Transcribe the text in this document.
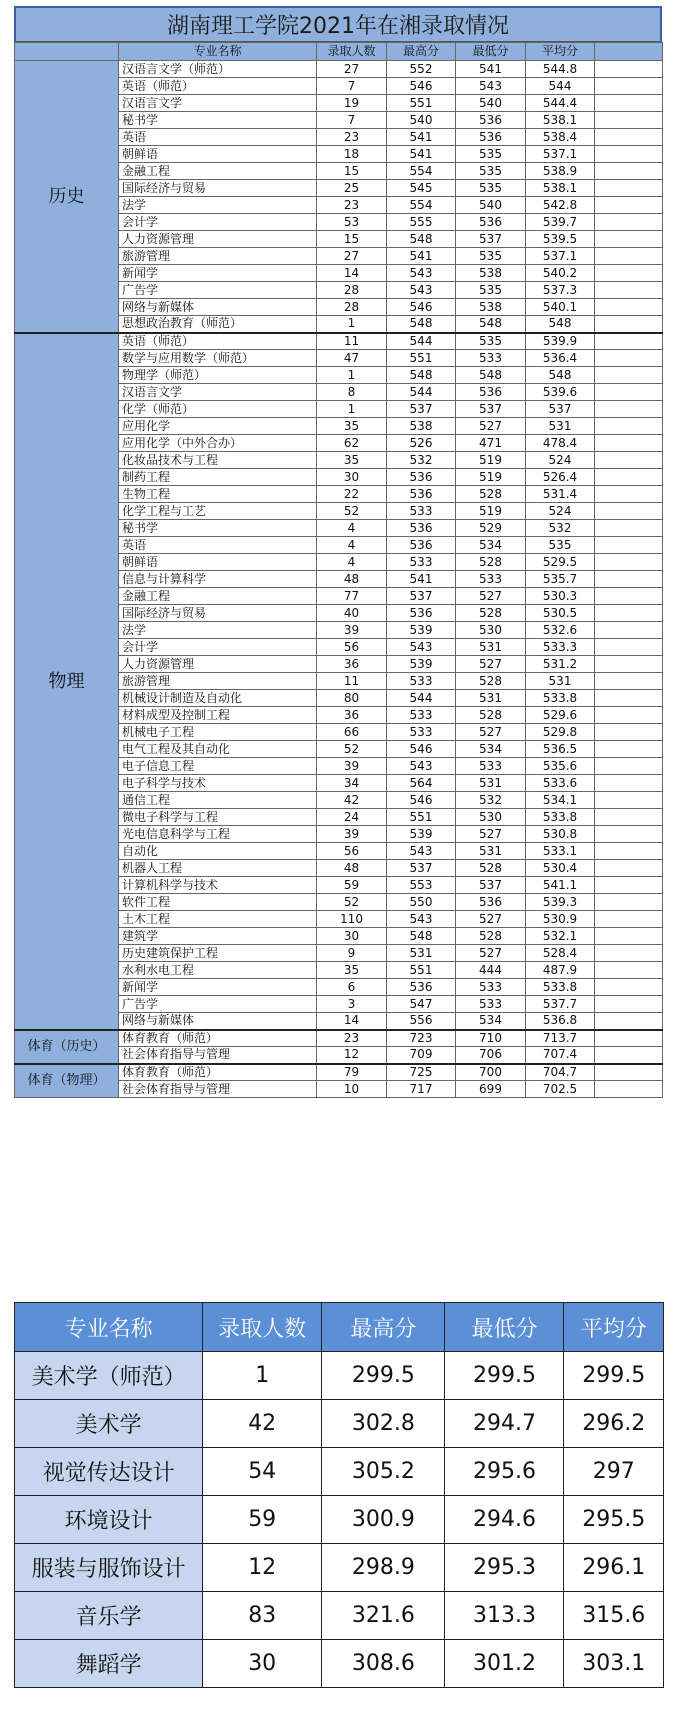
湖南理工学院2021年在湘录取情况
	专业名称	录取人数	最高分	最低分	平均分	
历史	汉语言文学（师范）	27	552	541	544.8	
	英语（师范）	7	546	543	544	
	汉语言文学	19	551	540	544.4	
	秘书学	7	540	536	538.1	
	英语	23	541	536	538.4	
	朝鲜语	18	541	535	537.1	
	金融工程	15	554	535	538.9	
	国际经济与贸易	25	545	535	538.1	
	法学	23	554	540	542.8	
	会计学	53	555	536	539.7	
	人力资源管理	15	548	537	539.5	
	旅游管理	27	541	535	537.1	
	新闻学	14	543	538	540.2	
	广告学	28	543	535	537.3	
	网络与新媒体	28	546	538	540.1	
	思想政治教育（师范）	1	548	548	548	
物理	英语（师范）	11	544	535	539.9	
	数学与应用数学（师范）	47	551	533	536.4	
	物理学（师范）	1	548	548	548	
	汉语言文学	8	544	536	539.6	
	化学（师范）	1	537	537	537	
	应用化学	35	538	527	531	
	应用化学（中外合办）	62	526	471	478.4	
	化妆品技术与工程	35	532	519	524	
	制药工程	30	536	519	526.4	
	生物工程	22	536	528	531.4	
	化学工程与工艺	52	533	519	524	
	秘书学	4	536	529	532	
	英语	4	536	534	535	
	朝鲜语	4	533	528	529.5	
	信息与计算科学	48	541	533	535.7	
	金融工程	77	537	527	530.3	
	国际经济与贸易	40	536	528	530.5	
	法学	39	539	530	532.6	
	会计学	56	543	531	533.3	
	人力资源管理	36	539	527	531.2	
	旅游管理	11	533	528	531	
	机械设计制造及自动化	80	544	531	533.8	
	材料成型及控制工程	36	533	528	529.6	
	机械电子工程	66	533	527	529.8	
	电气工程及其自动化	52	546	534	536.5	
	电子信息工程	39	543	533	535.6	
	电子科学与技术	34	564	531	533.6	
	通信工程	42	546	532	534.1	
	微电子科学与工程	24	551	530	533.8	
	光电信息科学与工程	39	539	527	530.8	
	自动化	56	543	531	533.1	
	机器人工程	48	537	528	530.4	
	计算机科学与技术	59	553	537	541.1	
	软件工程	52	550	536	539.3	
	土木工程	110	543	527	530.9	
	建筑学	30	548	528	532.1	
	历史建筑保护工程	9	531	527	528.4	
	水利水电工程	35	551	444	487.9	
	新闻学	6	536	533	533.8	
	广告学	3	547	533	537.7	
	网络与新媒体	14	556	534	536.8	
体育（历史）	体育教育（师范）	23	723	710	713.7	
	社会体育指导与管理	12	709	706	707.4	
体育（物理）	体育教育（师范）	79	725	700	704.7	
	社会体育指导与管理	10	717	699	702.5	
专业名称	录取人数	最高分	最低分	平均分
美术学（师范）	1	299.5	299.5	299.5
美术学	42	302.8	294.7	296.2
视觉传达设计	54	305.2	295.6	297
环境设计	59	300.9	294.6	295.5
服装与服饰设计	12	298.9	295.3	296.1
音乐学	83	321.6	313.3	315.6
舞蹈学	30	308.6	301.2	303.1
